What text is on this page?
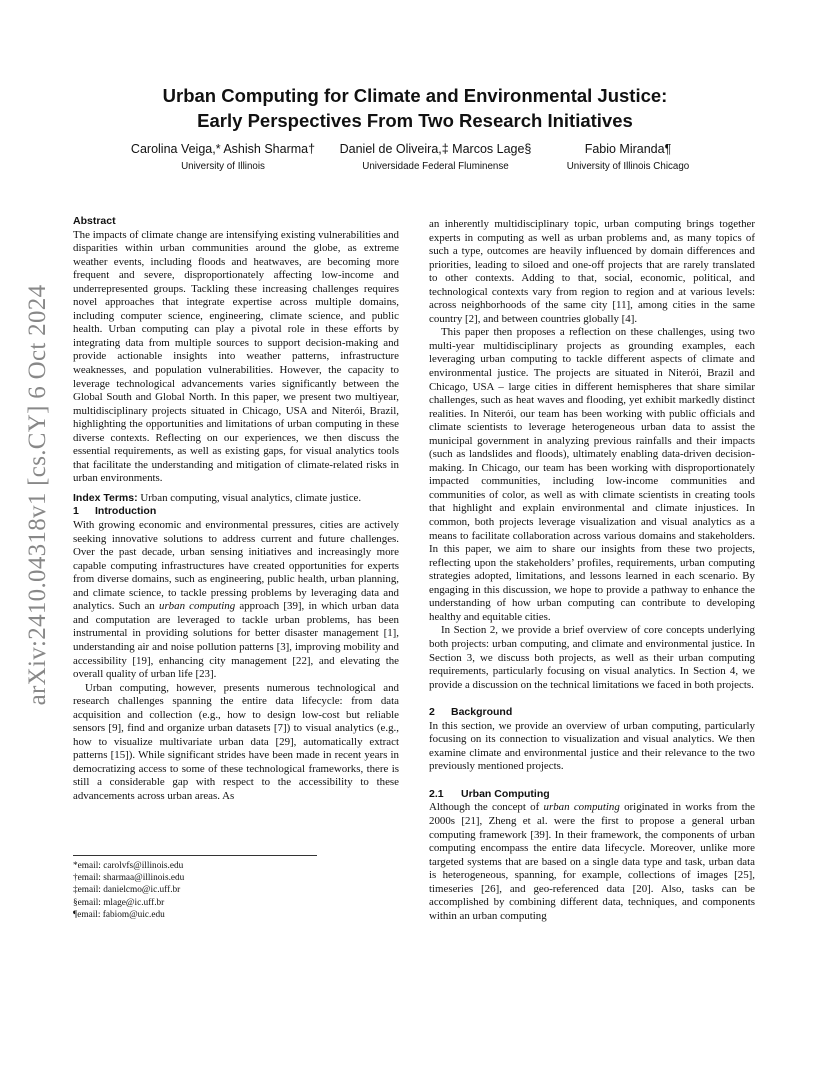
arXiv:2410.04318v1 [cs.CY] 6 Oct 2024
Urban Computing for Climate and Environmental Justice:
Early Perspectives From Two Research Initiatives
Carolina Veiga,* Ashish Sharma†
University of Illinois
Daniel de Oliveira,‡ Marcos Lage§
Universidade Federal Fluminense
Fabio Miranda¶
University of Illinois Chicago

Abstract

The impacts of climate change are intensifying existing vulnerabilities and disparities within urban communities around the globe, as extreme weather events, including floods and heatwaves, are becoming more frequent and severe, disproportionately affecting low-income and underrepresented groups. Tackling these increasing challenges requires novel approaches that integrate expertise across multiple domains, including computer science, engineering, climate science, and public health. Urban computing can play a pivotal role in these efforts by integrating data from multiple sources to support decision-making and provide actionable insights into weather patterns, infrastructure weaknesses, and population vulnerabilities. However, the capacity to leverage technological advancements varies significantly between the Global South and Global North. In this paper, we present two multiyear, multidisciplinary projects situated in Chicago, USA and Niterói, Brazil, highlighting the opportunities and limitations of urban computing in these diverse contexts. Reflecting on our experiences, we then discuss the essential requirements, as well as existing gaps, for visual analytics tools that facilitate the understanding and mitigation of climate-related risks in urban environments.

Index Terms: Urban computing, visual analytics, climate justice.

1 Introduction

With growing economic and environmental pressures, cities are actively seeking innovative solutions to address current and future challenges. Over the past decade, urban sensing initiatives and increasingly more capable computing infrastructures have created opportunities for experts from diverse domains, such as engineering, public health, urban planning, and climate science, to tackle pressing problems by leveraging data and analytics. Such an urban computing approach [39], in which urban data and computation are leveraged to tackle urban problems, has been instrumental in providing solutions for better disaster management [1], understanding air and noise pollution patterns [3], improving mobility and accessibility [19], enhancing city management [22], and elevating the overall quality of urban life [23].

Urban computing, however, presents numerous technological and research challenges spanning the entire data lifecycle: from data acquisition and collection (e.g., how to design low-cost but reliable sensors [9], find and organize urban datasets [7]) to visual analytics (e.g., how to visualize multivariate urban data [29], automatically extract patterns [15]). While significant strides have been made in recent years in democratizing access to some of these technological frameworks, there is still a considerable gap with respect to the accessibility to these advancements across urban areas. As

*email: carolvfs@illinois.edu
†email: sharmaa@illinois.edu
‡email: danielcmo@ic.uff.br
§email: mlage@ic.uff.br
¶email: fabiom@uic.edu

an inherently multidisciplinary topic, urban computing brings together experts in computing as well as urban problems and, as many topics of such a type, outcomes are heavily influenced by domain differences and priorities, leading to siloed and one-off projects that are rarely translated to other contexts. Adding to that, social, economic, political, and technological contexts vary from region to region and at various levels: across neighborhoods of the same city [11], among cities in the same country [2], and between countries globally [4].

This paper then proposes a reflection on these challenges, using two multi-year multidisciplinary projects as grounding examples, each leveraging urban computing to tackle different aspects of climate and environmental justice. The projects are situated in Niterói, Brazil and Chicago, USA – large cities in different hemispheres that share similar challenges, such as heat waves and flooding, yet exhibit markedly distinct realities. In Niterói, our team has been working with public officials and climate scientists to leverage heterogeneous urban data to assist the municipal government in analyzing previous rainfalls and their impacts (such as landslides and floods), ultimately enabling data-driven decision-making. In Chicago, our team has been working with disproportionately impacted communities, including low-income communities and communities of color, as well as with climate scientists in creating tools that highlight and explain environmental and climate injustices. In common, both projects leverage visualization and visual analytics as a means to facilitate collaboration across various domains and stakeholders. In this paper, we aim to share our insights from these two projects, reflecting upon the stakeholders’ profiles, requirements, urban computing strategies adopted, limitations, and lessons learned in each scenario. By engaging in this discussion, we hope to provide a pathway to enhance the understanding of how urban computing can contribute to developing healthy and equitable cities.

In Section 2, we provide a brief overview of core concepts underlying both projects: urban computing, and climate and environmental justice. In Section 3, we discuss both projects, as well as their urban computing requirements, particularly focusing on visual analytics. In Section 4, we provide a discussion on the technical limitations we faced in both projects.

2 Background

In this section, we provide an overview of urban computing, particularly focusing on its connection to visualization and visual analytics. We then examine climate and environmental justice and their relevance to the two previously mentioned projects.

2.1 Urban Computing

Although the concept of urban computing originated in works from the 2000s [21], Zheng et al. were the first to propose a general urban computing framework [39]. In their framework, the components of urban computing encompass the entire data lifecycle. Moreover, unlike more targeted systems that are based on a single data type and task, urban data is heterogeneous, spanning, for example, collections of images [25], timeseries [26], and geo-referenced data [20]. Also, tasks can be accomplished by combining different data, techniques, and components within an urban computing
